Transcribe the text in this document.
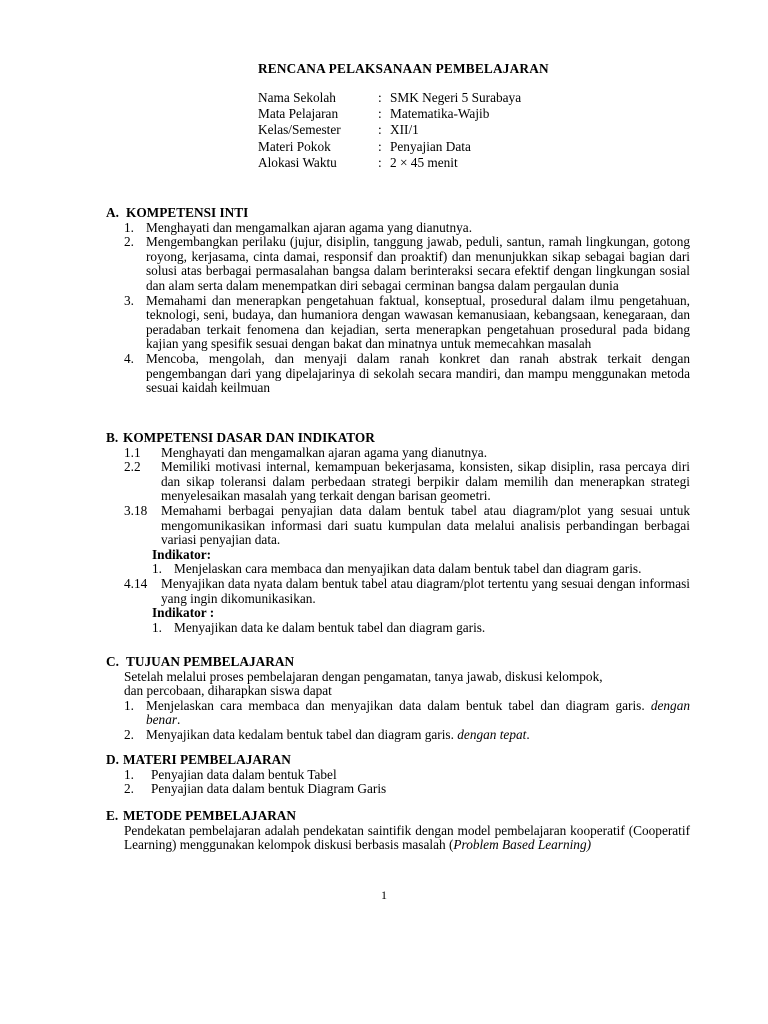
RENCANA PELAKSANAAN PEMBELAJARAN
Nama Sekolah	: SMK Negeri 5 Surabaya
Mata Pelajaran	: Matematika-Wajib
Kelas/Semester	: XII/1
Materi Pokok	: Penyajian Data
Alokasi Waktu	: 2 × 45 menit
A. KOMPETENSI INTI
1. Menghayati dan mengamalkan ajaran agama yang dianutnya.
2. Mengembangkan perilaku (jujur, disiplin, tanggung jawab, peduli, santun, ramah lingkungan, gotong royong, kerjasama, cinta damai, responsif dan proaktif) dan menunjukkan sikap sebagai bagian dari solusi atas berbagai permasalahan bangsa dalam berinteraksi secara efektif dengan lingkungan sosial dan alam serta dalam menempatkan diri sebagai cerminan bangsa dalam pergaulan dunia
3. Memahami dan menerapkan pengetahuan faktual, konseptual, prosedural dalam ilmu pengetahuan, teknologi, seni, budaya, dan humaniora dengan wawasan kemanusiaan, kebangsaan, kenegaraan, dan peradaban terkait fenomena dan kejadian, serta menerapkan pengetahuan prosedural pada bidang kajian yang spesifik sesuai dengan bakat dan minatnya untuk memecahkan masalah
4. Mencoba, mengolah, dan menyaji dalam ranah konkret dan ranah abstrak terkait dengan pengembangan dari yang dipelajarinya di sekolah secara mandiri, dan mampu menggunakan metoda sesuai kaidah keilmuan
B. KOMPETENSI DASAR DAN INDIKATOR
1.1	Menghayati dan mengamalkan ajaran agama yang dianutnya.
2.2	Memiliki motivasi internal, kemampuan bekerjasama, konsisten, sikap disiplin, rasa percaya diri dan sikap toleransi dalam perbedaan strategi berpikir dalam memilih dan menerapkan strategi menyelesaikan masalah yang terkait dengan barisan geometri.
3.18	Memahami berbagai penyajian data dalam bentuk tabel atau diagram/plot yang sesuai untuk mengomunikasikan informasi dari suatu kumpulan data melalui analisis perbandingan berbagai variasi penyajian data.
Indikator:
1. Menjelaskan cara membaca dan menyajikan data dalam bentuk tabel dan diagram garis.
4.14	Menyajikan data nyata dalam bentuk tabel atau diagram/plot tertentu yang sesuai dengan informasi yang ingin dikomunikasikan.
Indikator :
1. Menyajikan data ke dalam bentuk tabel dan diagram garis.
C. TUJUAN PEMBELAJARAN
Setelah melalui proses pembelajaran dengan pengamatan, tanya jawab, diskusi kelompok,
dan percobaan, diharapkan siswa dapat
1. Menjelaskan cara membaca dan menyajikan data dalam bentuk tabel dan diagram garis. dengan benar.
2. Menyajikan data kedalam bentuk tabel dan diagram garis. dengan tepat.
D. MATERI PEMBELAJARAN
1.	Penyajian data dalam bentuk Tabel
2.	Penyajian data dalam bentuk Diagram Garis
E. METODE PEMBELAJARAN
Pendekatan pembelajaran adalah pendekatan saintifik dengan model pembelajaran kooperatif (Cooperatif Learning) menggunakan kelompok diskusi berbasis masalah (Problem Based Learning)
1
